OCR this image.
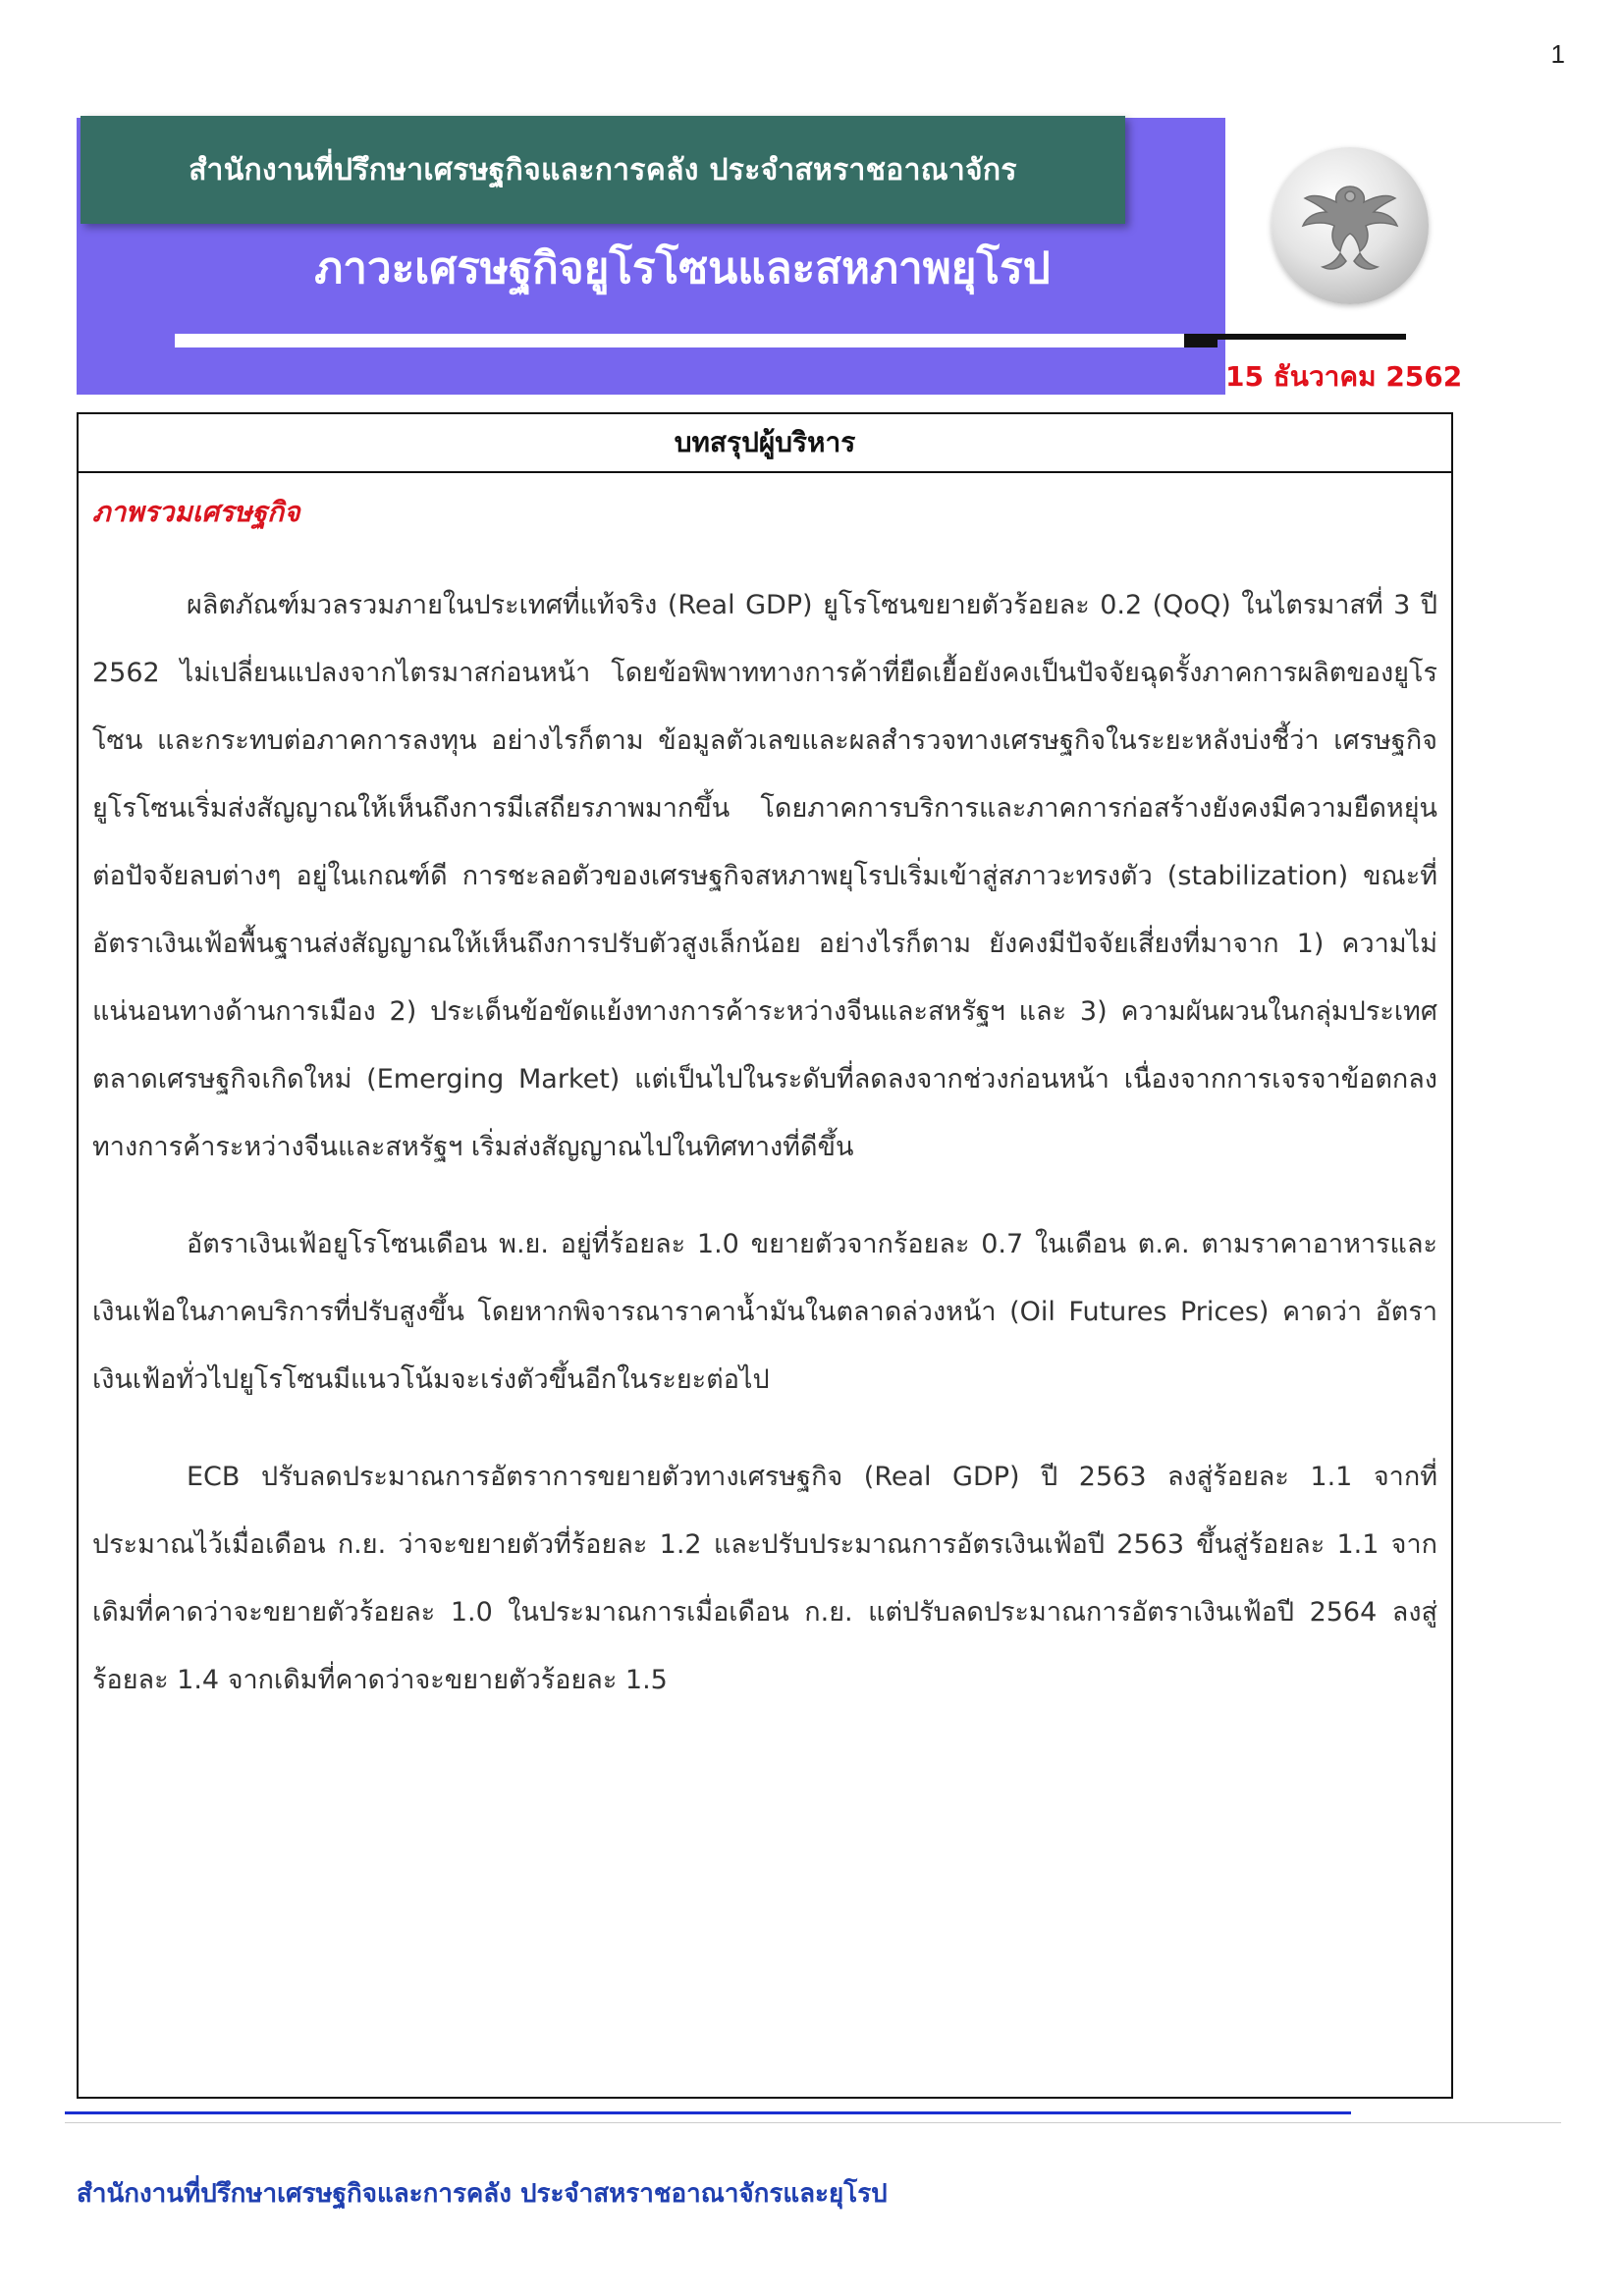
1
สำนักงานที่ปรึกษาเศรษฐกิจและการคลัง ประจำสหราชอาณาจักร
ภาวะเศรษฐกิจยูโรโซนและสหภาพยุโรป
15 ธันวาคม 2562
บทสรุปผู้บริหาร
ภาพรวมเศรษฐกิจ

ผลิตภัณฑ์มวลรวมภายในประเทศที่แท้จริง (Real GDP) ยูโรโซนขยายตัวร้อยละ 0.2 (QoQ) ในไตรมาสที่ 3 ปี 2562 ไม่เปลี่ยนแปลงจากไตรมาสก่อนหน้า โดยข้อพิพาททางการค้าที่ยืดเยื้อยังคงเป็นปัจจัยฉุดรั้งภาคการผลิตของยูโรโซน และกระทบต่อภาคการลงทุน อย่างไรก็ตาม ข้อมูลตัวเลขและผลสำรวจทางเศรษฐกิจในระยะหลังบ่งชี้ว่า เศรษฐกิจยูโรโซนเริ่มส่งสัญญาณให้เห็นถึงการมีเสถียรภาพมากขึ้น โดยภาคการบริการและภาคการก่อสร้างยังคงมีความยืดหยุ่นต่อปัจจัยลบต่างๆ อยู่ในเกณฑ์ดี การชะลอตัวของเศรษฐกิจสหภาพยุโรปเริ่มเข้าสู่สภาวะทรงตัว (stabilization) ขณะที่อัตราเงินเฟ้อพื้นฐานส่งสัญญาณให้เห็นถึงการปรับตัวสูงเล็กน้อย อย่างไรก็ตาม ยังคงมีปัจจัยเสี่ยงที่มาจาก 1) ความไม่แน่นอนทางด้านการเมือง 2) ประเด็นข้อขัดแย้งทางการค้าระหว่างจีนและสหรัฐฯ และ 3) ความผันผวนในกลุ่มประเทศตลาดเศรษฐกิจเกิดใหม่ (Emerging Market) แต่เป็นไปในระดับที่ลดลงจากช่วงก่อนหน้า เนื่องจากการเจรจาข้อตกลงทางการค้าระหว่างจีนและสหรัฐฯ เริ่มส่งสัญญาณไปในทิศทางที่ดีขึ้น

อัตราเงินเฟ้อยูโรโซนเดือน พ.ย. อยู่ที่ร้อยละ 1.0 ขยายตัวจากร้อยละ 0.7 ในเดือน ต.ค. ตามราคาอาหารและเงินเฟ้อในภาคบริการที่ปรับสูงขึ้น โดยหากพิจารณาราคาน้ำมันในตลาดล่วงหน้า (Oil Futures Prices) คาดว่า อัตราเงินเฟ้อทั่วไปยูโรโซนมีแนวโน้มจะเร่งตัวขึ้นอีกในระยะต่อไป

ECB ปรับลดประมาณการอัตราการขยายตัวทางเศรษฐกิจ (Real GDP) ปี 2563 ลงสู่ร้อยละ 1.1 จากที่ประมาณไว้เมื่อเดือน ก.ย. ว่าจะขยายตัวที่ร้อยละ 1.2 และปรับประมาณการอัตรเงินเฟ้อปี 2563 ขึ้นสู่ร้อยละ 1.1 จากเดิมที่คาดว่าจะขยายตัวร้อยละ 1.0 ในประมาณการเมื่อเดือน ก.ย. แต่ปรับลดประมาณการอัตราเงินเฟ้อปี 2564 ลงสู่ร้อยละ 1.4 จากเดิมที่คาดว่าจะขยายตัวร้อยละ 1.5

สำนักงานที่ปรึกษาเศรษฐกิจและการคลัง ประจำสหราชอาณาจักรและยุโรป
